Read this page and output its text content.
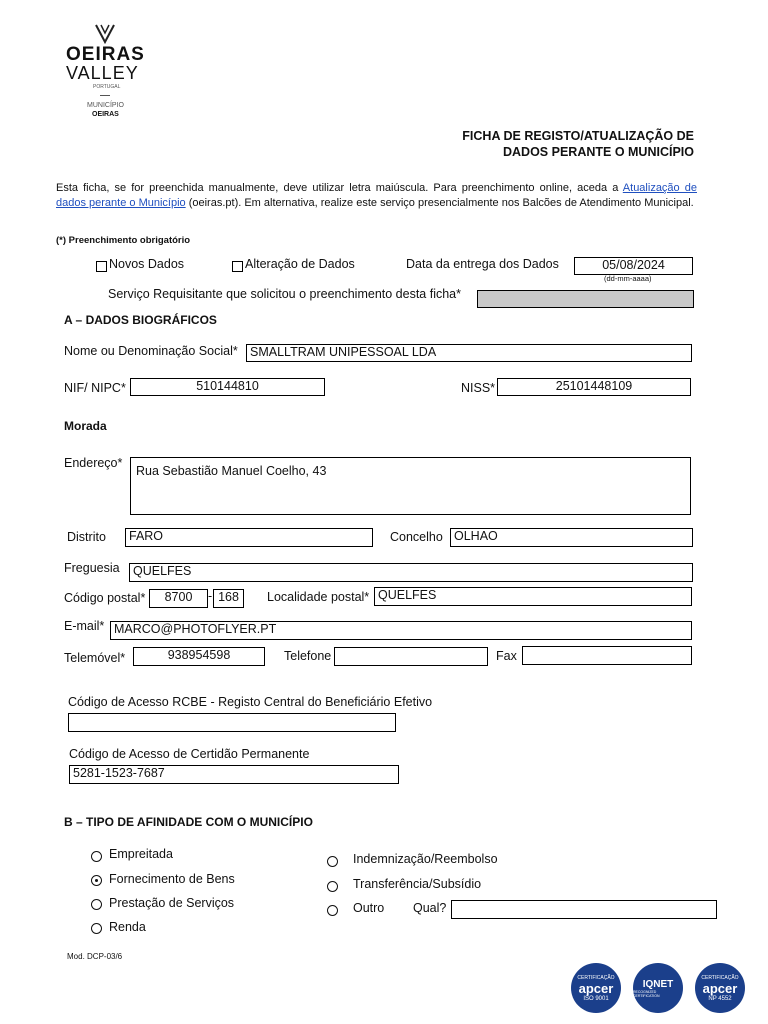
OEIRAS
VALLEY
PORTUGAL
MUNICÍPIO
OEIRAS
FICHA DE REGISTO/ATUALIZAÇÃO DE
DADOS PERANTE O MUNICÍPIO
Esta ficha, se for preenchida manualmente, deve utilizar letra maiúscula. Para preenchimento online, aceda a Atualização de dados perante o Município (oeiras.pt). Em alternativa, realize este serviço presencialmente nos Balcões de Atendimento Municipal.
(*) Preenchimento obrigatório
Novos Dados	Alteração de Dados	Data da entrega dos Dados	05/08/2024
(dd-mm-aaaa)
Serviço Requisitante que solicitou o preenchimento desta ficha*
A – DADOS BIOGRÁFICOS
Nome ou Denominação Social* SMALLTRAM UNIPESSOAL LDA
NIF/ NIPC*	510144810	NISS*	25101448109
Morada
Endereço*
Rua Sebastião Manuel Coelho, 43
Distrito	FARO	Concelho OLHAO
Freguesia	QUELFES
Código postal*	8700	- 168	Localidade postal* QUELFES
E-mail* MARCO@PHOTOFLYER.PT
Telemóvel*	938954598	Telefone	Fax
Código de Acesso RCBE - Registo Central do Beneficiário Efetivo
Código de Acesso de Certidão Permanente
5281-1523-7687
B – TIPO DE AFINIDADE COM O MUNICÍPIO
Empreitada
Fornecimento de Bens
Prestação de Serviços
Renda
Indemnização/Reembolso
Transferência/Subsídio
Outro Qual?
Mod. DCP-03/6
CERTIFICAÇÃO
apcer
ISO 9001
IQNET
RECOGNIZED CERTIFICATION
CERTIFICAÇÃO
apcer
NP 4552
